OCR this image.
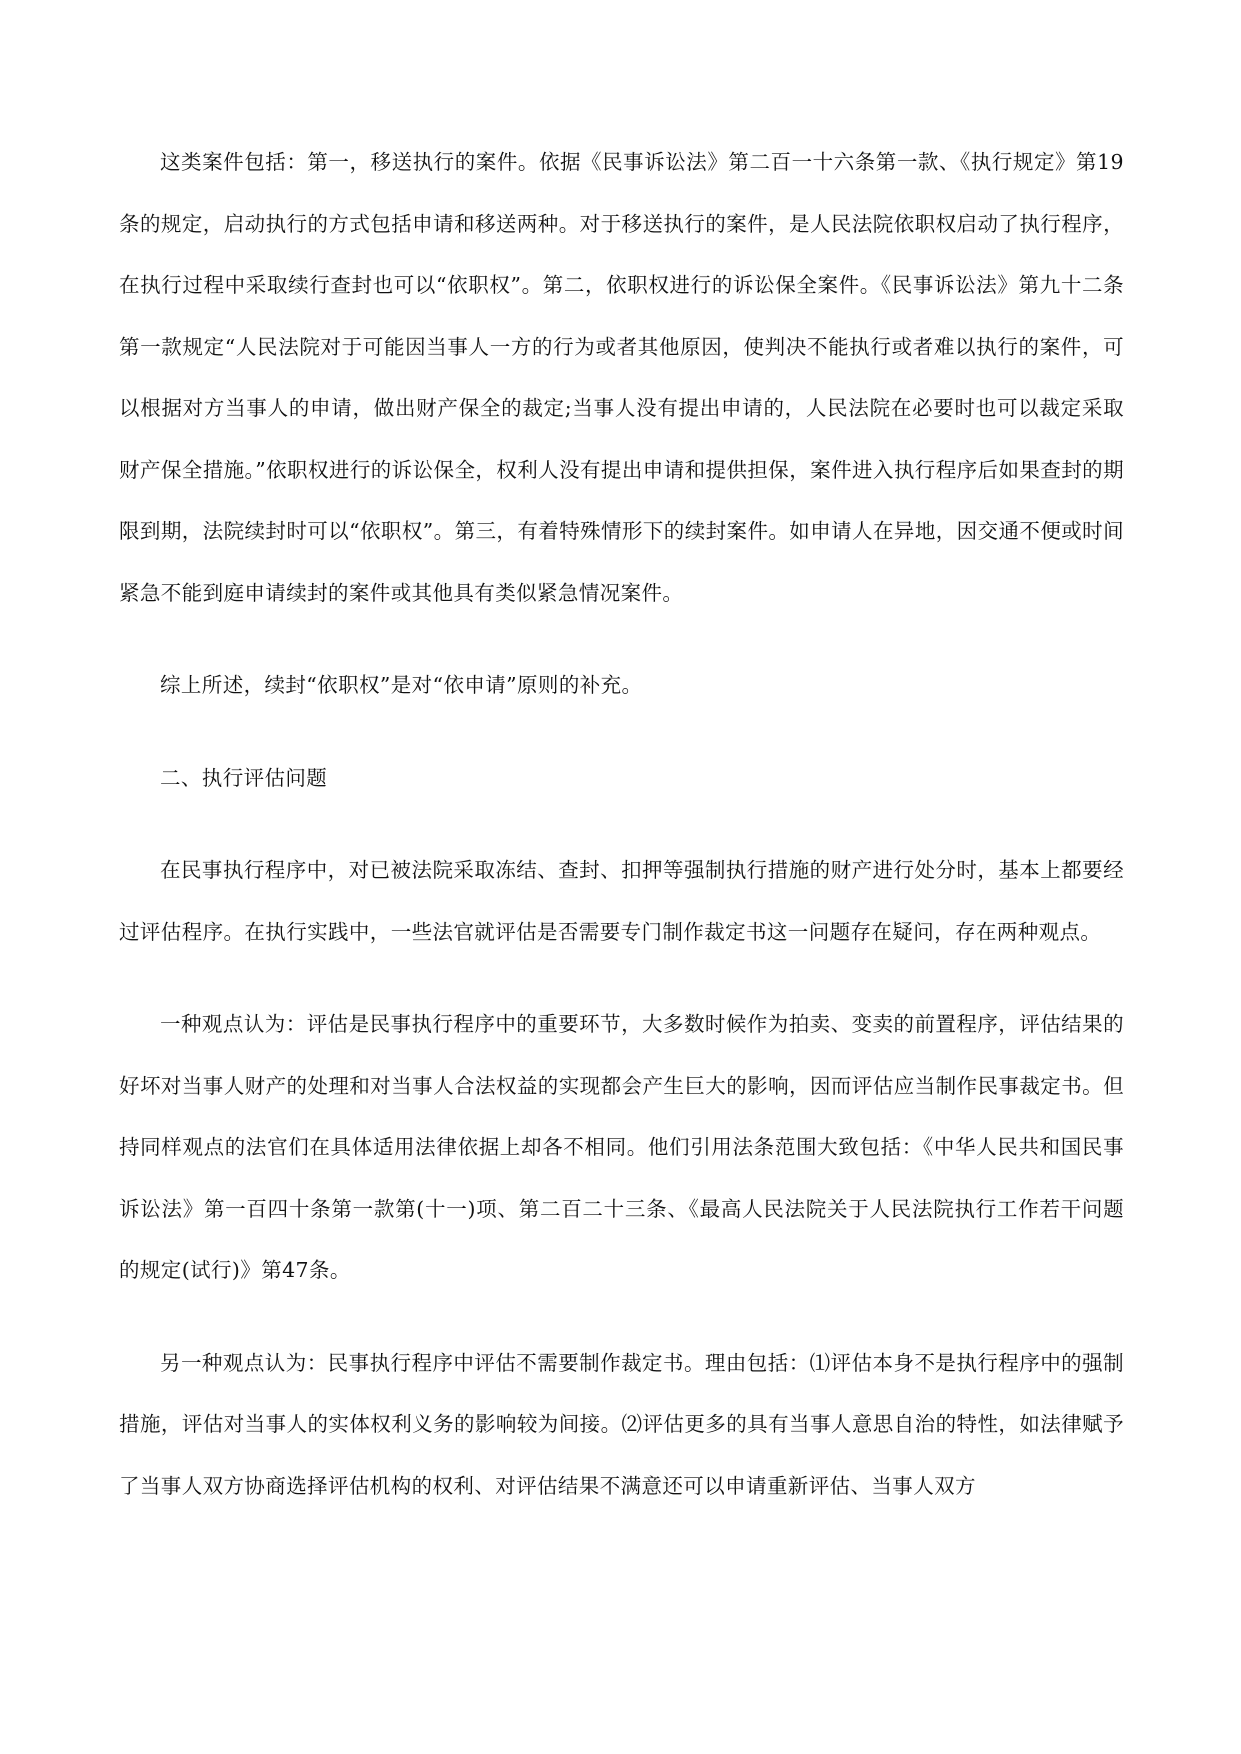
这类案件包括：第一，移送执行的案件。依据《民事诉讼法》第二百一十六条第一款、《执行规定》第19条的规定，启动执行的方式包括申请和移送两种。对于移送执行的案件，是人民法院依职权启动了执行程序，在执行过程中采取续行查封也可以“依职权”。第二，依职权进行的诉讼保全案件。《民事诉讼法》第九十二条第一款规定“人民法院对于可能因当事人一方的行为或者其他原因，使判决不能执行或者难以执行的案件，可以根据对方当事人的申请，做出财产保全的裁定;当事人没有提出申请的，人民法院在必要时也可以裁定采取财产保全措施。”依职权进行的诉讼保全，权利人没有提出申请和提供担保，案件进入执行程序后如果查封的期限到期，法院续封时可以“依职权”。第三，有着特殊情形下的续封案件。如申请人在异地，因交通不便或时间紧急不能到庭申请续封的案件或其他具有类似紧急情况案件。

综上所述，续封“依职权”是对“依申请”原则的补充。

二、执行评估问题

在民事执行程序中，对已被法院采取冻结、查封、扣押等强制执行措施的财产进行处分时，基本上都要经过评估程序。在执行实践中，一些法官就评估是否需要专门制作裁定书这一问题存在疑问，存在两种观点。

一种观点认为：评估是民事执行程序中的重要环节，大多数时候作为拍卖、变卖的前置程序，评估结果的好坏对当事人财产的处理和对当事人合法权益的实现都会产生巨大的影响，因而评估应当制作民事裁定书。但持同样观点的法官们在具体适用法律依据上却各不相同。他们引用法条范围大致包括：《中华人民共和国民事诉讼法》第一百四十条第一款第(十一)项、第二百二十三条、《最高人民法院关于人民法院执行工作若干问题的规定(试行)》第47条。

另一种观点认为：民事执行程序中评估不需要制作裁定书。理由包括：⑴评估本身不是执行程序中的强制措施，评估对当事人的实体权利义务的影响较为间接。⑵评估更多的具有当事人意思自治的特性，如法律赋予了当事人双方协商选择评估机构的权利、对评估结果不满意还可以申请重新评估、当事人双方
